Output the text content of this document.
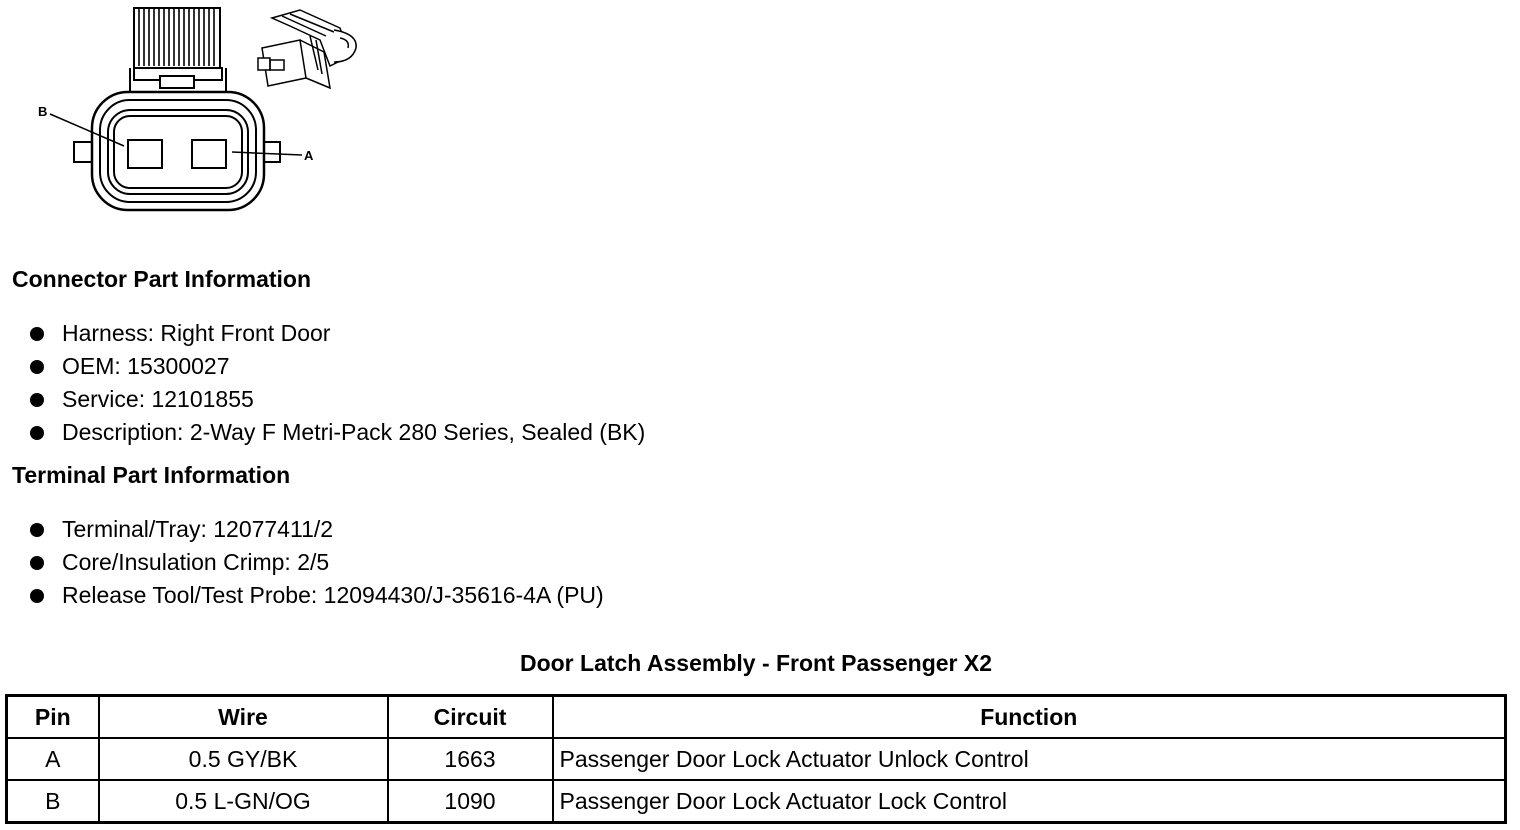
B
A
Connector Part Information
Harness: Right Front Door
OEM: 15300027
Service: 12101855
Description: 2-Way F Metri-Pack 280 Series, Sealed (BK)
Terminal Part Information
Terminal/Tray: 12077411/2
Core/Insulation Crimp: 2/5
Release Tool/Test Probe: 12094430/J-35616-4A (PU)
Door Latch Assembly - Front Passenger X2
Pin	Wire	Circuit	Function
A	0.5 GY/BK	1663	Passenger Door Lock Actuator Unlock Control
B	0.5 L-GN/OG	1090	Passenger Door Lock Actuator Lock Control
